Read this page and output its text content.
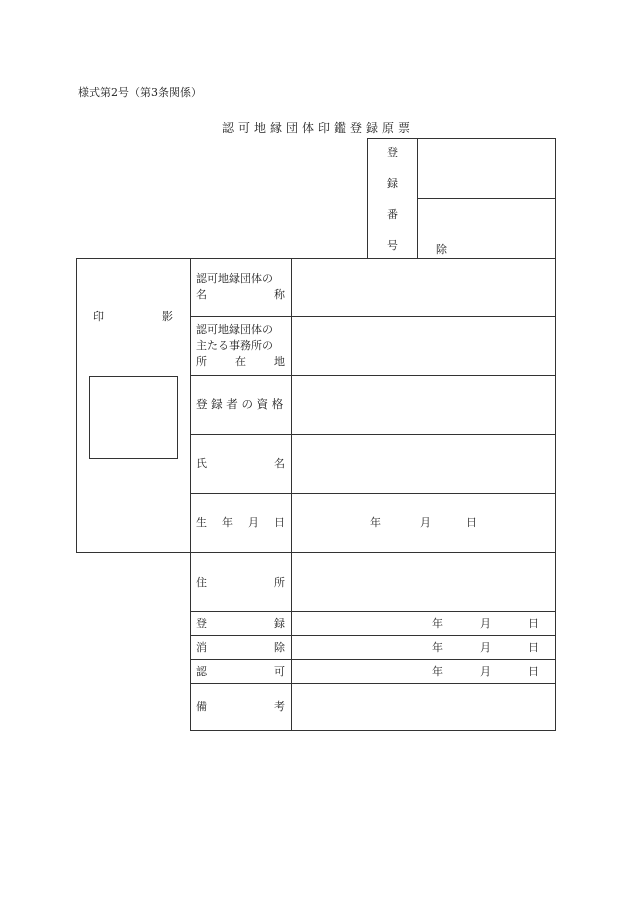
様式第2号（第3条関係）
認可地縁団体印鑑登録原票
登
録
番
号	除
印	影
認可地縁団体の
名	称
認可地縁団体の
主たる事務所の
所	在	地
登 録 者 の 資 格
氏	名
生 年 月 日	年	月	日
住	所
登	録	年	月	日
消	除	年	月	日
認	可	年	月	日
備	考
